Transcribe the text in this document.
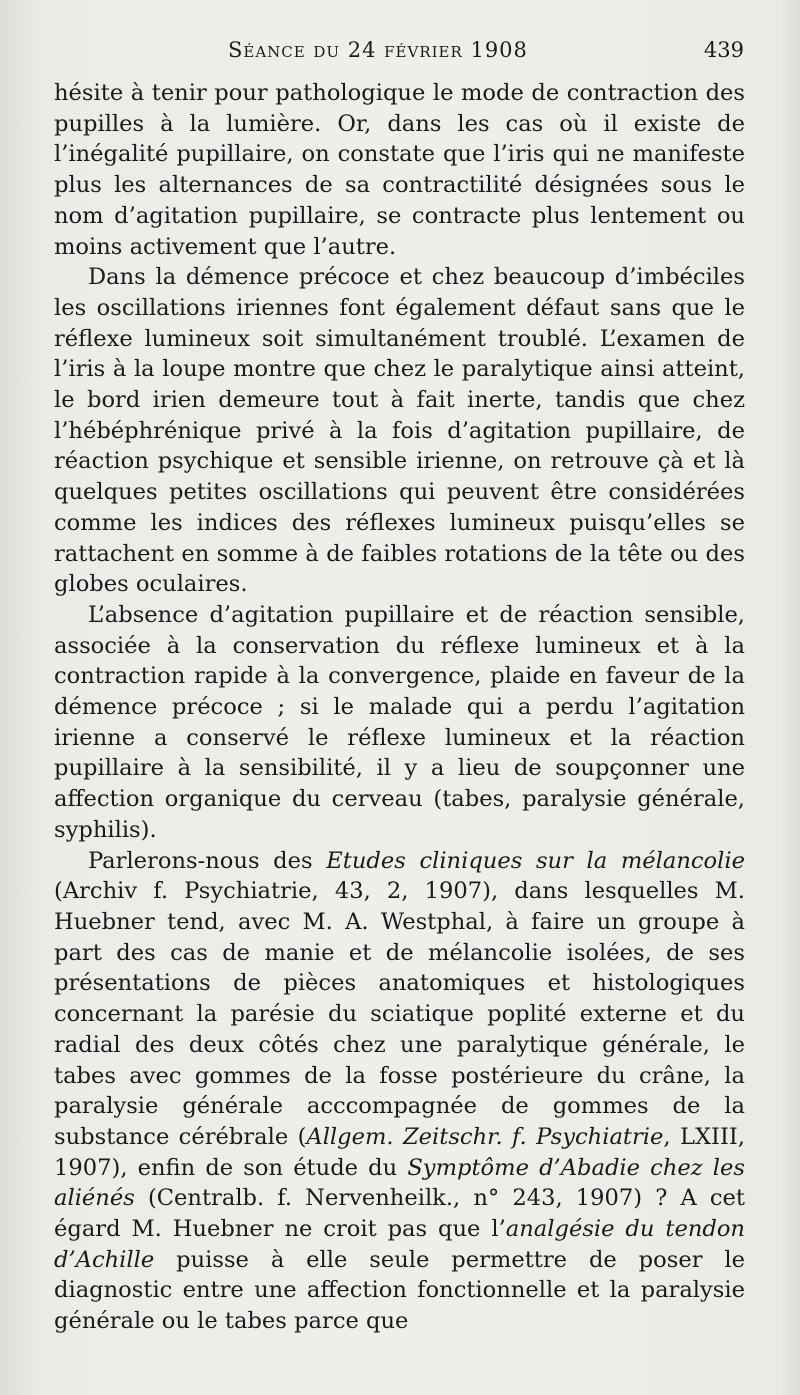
Séance du 24 février 1908	439

hésite à tenir pour pathologique le mode de contraction des pupilles à la lumière. Or, dans les cas où il existe de l’inégalité pupillaire, on constate que l’iris qui ne manifeste plus les alternances de sa contractilité désignées sous le nom d’agitation pupillaire, se contracte plus lentement ou moins activement que l’autre.

Dans la démence précoce et chez beaucoup d’imbéciles les oscillations iriennes font également défaut sans que le réflexe lumineux soit simultanément troublé. L’examen de l’iris à la loupe montre que chez le paralytique ainsi atteint, le bord irien demeure tout à fait inerte, tandis que chez l’hébéphrénique privé à la fois d’agitation pupillaire, de réaction psychique et sensible irienne, on retrouve çà et là quelques petites oscillations qui peuvent être considérées comme les indices des réflexes lumineux puisqu’elles se rattachent en somme à de faibles rotations de la tête ou des globes oculaires.

L’absence d’agitation pupillaire et de réaction sensible, associée à la conservation du réflexe lumineux et à la contraction rapide à la convergence, plaide en faveur de la démence précoce ; si le malade qui a perdu l’agitation irienne a conservé le réflexe lumineux et la réaction pupillaire à la sensibilité, il y a lieu de soupçonner une affection organique du cerveau (tabes, paralysie générale, syphilis).

Parlerons-nous des Etudes cliniques sur la mélancolie (Archiv f. Psychiatrie, 43, 2, 1907), dans lesquelles M. Huebner tend, avec M. A. Westphal, à faire un groupe à part des cas de manie et de mélancolie isolées, de ses présentations de pièces anatomiques et histologiques concernant la parésie du sciatique poplité externe et du radial des deux côtés chez une paralytique générale, le tabes avec gommes de la fosse postérieure du crâne, la paralysie générale acccompagnée de gommes de la substance cérébrale (Allgem. Zeitschr. f. Psychiatrie, LXIII, 1907), enfin de son étude du Symptôme d’Abadie chez les aliénés (Centralb. f. Nervenheilk., n° 243, 1907) ? A cet égard M. Huebner ne croit pas que l’analgésie du tendon d’Achille puisse à elle seule permettre de poser le diagnostic entre une affection fonctionnelle et la paralysie générale ou le tabes parce que
